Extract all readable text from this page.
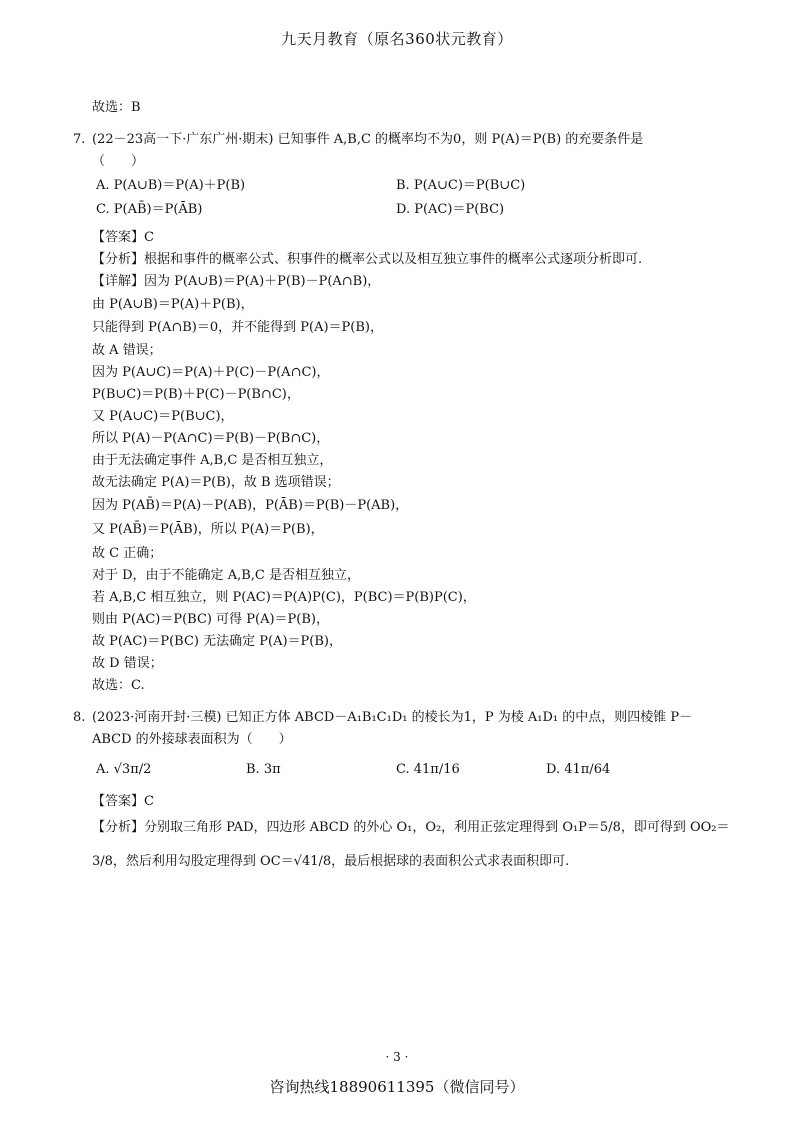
九天月教育（原名360状元教育）
故选：B
7. (22－23高一下·广东广州·期末) 已知事件 A,B,C 的概率均不为0，则 P(A)＝P(B) 的充要条件是
（　　）
A. P(A∪B)＝P(A)＋P(B)	B. P(A∪C)＝P(B∪C)
C. P(AB̄)＝P(ĀB)	D. P(AC)＝P(BC)
【答案】C
【分析】根据和事件的概率公式、积事件的概率公式以及相互独立事件的概率公式逐项分析即可.
【详解】因为 P(A∪B)＝P(A)＋P(B)－P(A∩B)，
由 P(A∪B)＝P(A)＋P(B)，
只能得到 P(A∩B)＝0，并不能得到 P(A)＝P(B)，
故 A 错误；
因为 P(A∪C)＝P(A)＋P(C)－P(A∩C)，
P(B∪C)＝P(B)＋P(C)－P(B∩C)，
又 P(A∪C)＝P(B∪C)，
所以 P(A)－P(A∩C)＝P(B)－P(B∩C)，
由于无法确定事件 A,B,C 是否相互独立，
故无法确定 P(A)＝P(B)，故 B 选项错误；
因为 P(AB̄)＝P(A)－P(AB)，P(ĀB)＝P(B)－P(AB)，
又 P(AB̄)＝P(ĀB)，所以 P(A)＝P(B)，
故 C 正确；
对于 D，由于不能确定 A,B,C 是否相互独立，
若 A,B,C 相互独立，则 P(AC)＝P(A)P(C)，P(BC)＝P(B)P(C)，
则由 P(AC)＝P(BC) 可得 P(A)＝P(B)，
故 P(AC)＝P(BC) 无法确定 P(A)＝P(B)，
故 D 错误；
故选：C.
8. (2023·河南开封·三模) 已知正方体 ABCD－A₁B₁C₁D₁ 的棱长为1，P 为棱 A₁D₁ 的中点，则四棱锥 P－
ABCD 的外接球表面积为（　　）
A. √3π/2	B. 3π	C. 41π/16	D. 41π/64
【答案】C
【分析】分别取三角形 PAD，四边形 ABCD 的外心 O₁，O₂，利用正弦定理得到 O₁P＝5/8，即可得到 OO₂＝
3/8，然后利用勾股定理得到 OC＝√41/8，最后根据球的表面积公式求表面积即可.
· 3 ·
咨询热线18890611395（微信同号）
